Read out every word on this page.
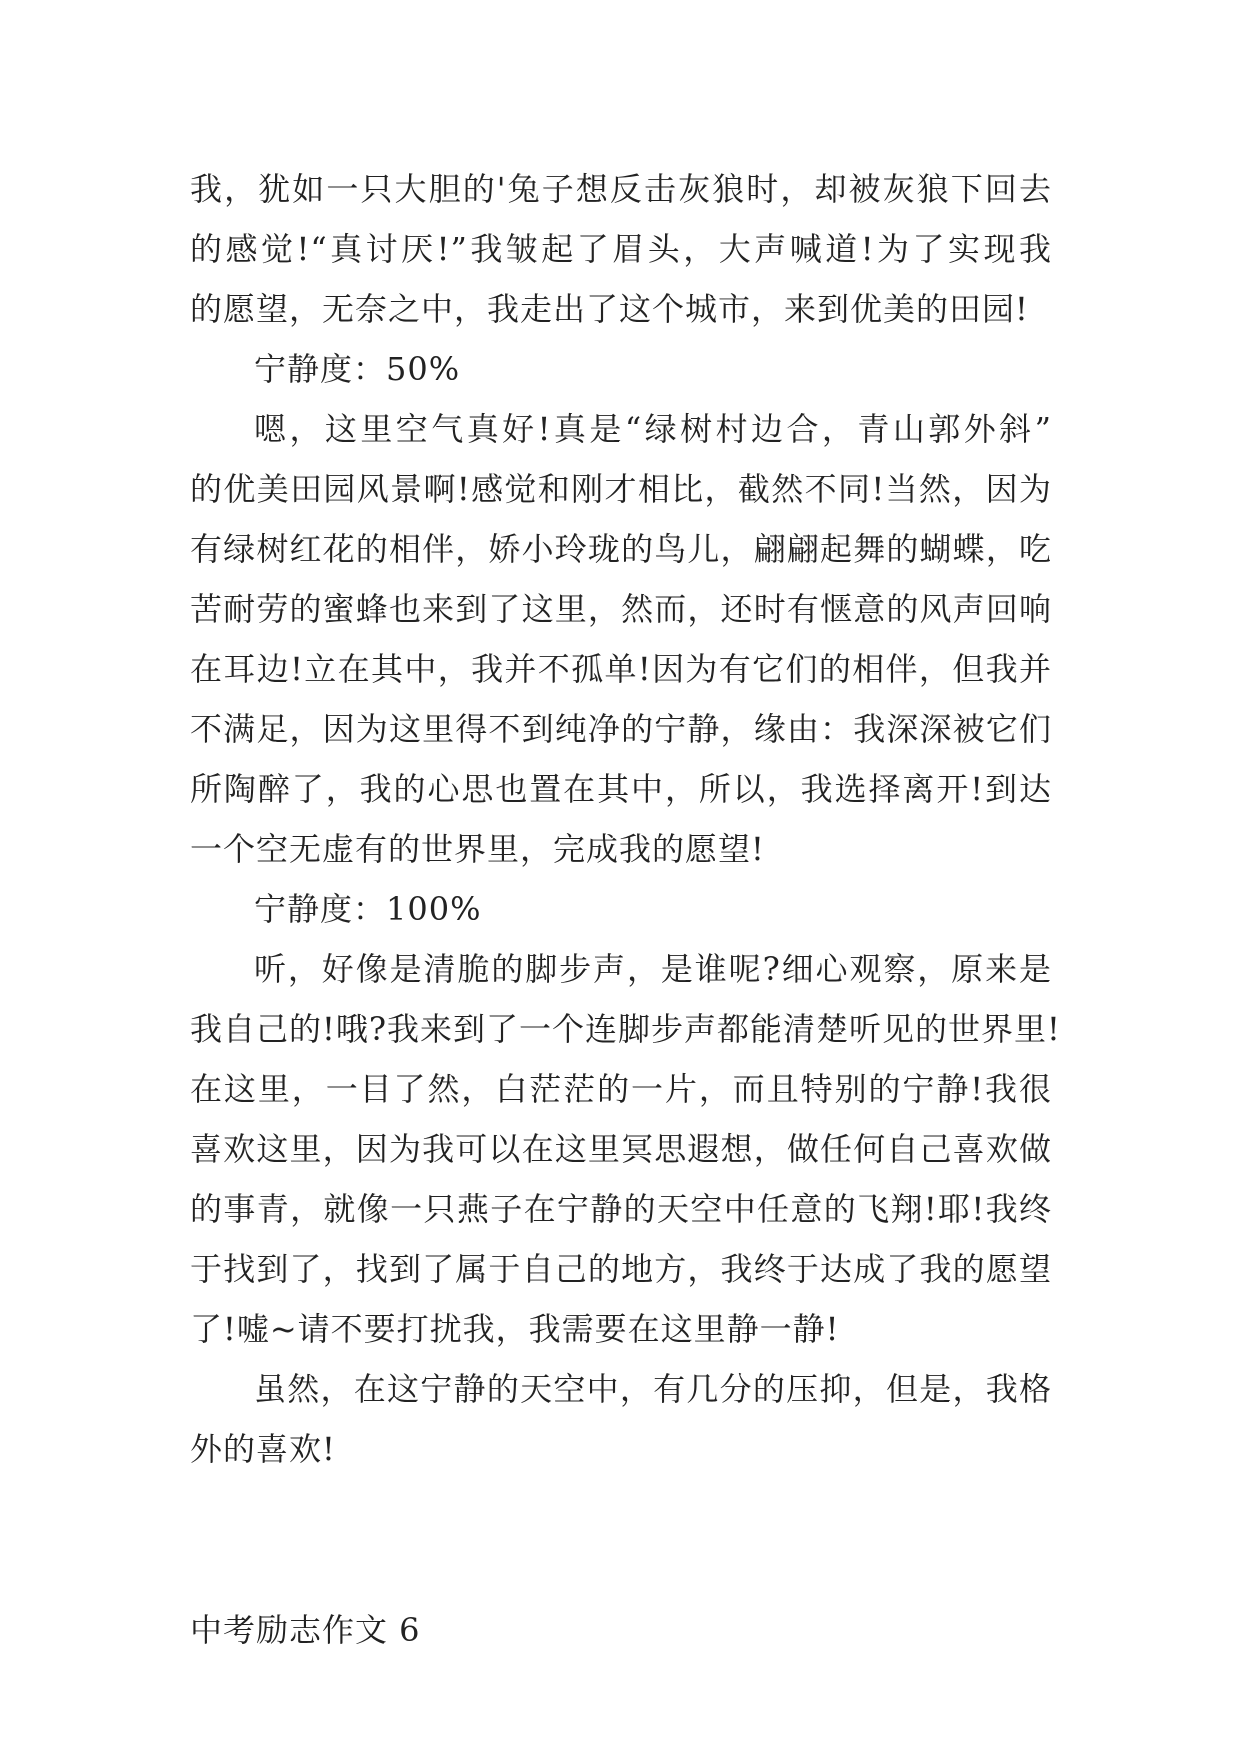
我，犹如一只大胆的'兔子想反击灰狼时，却被灰狼下回去
的感觉!“真讨厌!”我皱起了眉头，大声喊道!为了实现我
的愿望，无奈之中，我走出了这个城市，来到优美的田园!
宁静度：50%
嗯，这里空气真好!真是“绿树村边合，青山郭外斜”
的优美田园风景啊!感觉和刚才相比，截然不同!当然，因为
有绿树红花的相伴，娇小玲珑的鸟儿，翩翩起舞的蝴蝶，吃
苦耐劳的蜜蜂也来到了这里，然而，还时有惬意的风声回响
在耳边!立在其中，我并不孤单!因为有它们的相伴，但我并
不满足，因为这里得不到纯净的宁静，缘由：我深深被它们
所陶醉了，我的心思也置在其中，所以，我选择离开!到达
一个空无虚有的世界里，完成我的愿望!
宁静度：100%
听，好像是清脆的脚步声，是谁呢?细心观察，原来是
我自己的!哦?我来到了一个连脚步声都能清楚听见的世界里!
在这里，一目了然，白茫茫的一片，而且特别的宁静!我很
喜欢这里，因为我可以在这里冥思遐想，做任何自己喜欢做
的事青，就像一只燕子在宁静的天空中任意的飞翔!耶!我终
于找到了，找到了属于自己的地方，我终于达成了我的愿望
了!嘘~请不要打扰我，我需要在这里静一静!
虽然，在这宁静的天空中，有几分的压抑，但是，我格
外的喜欢!
中考励志作文 6
